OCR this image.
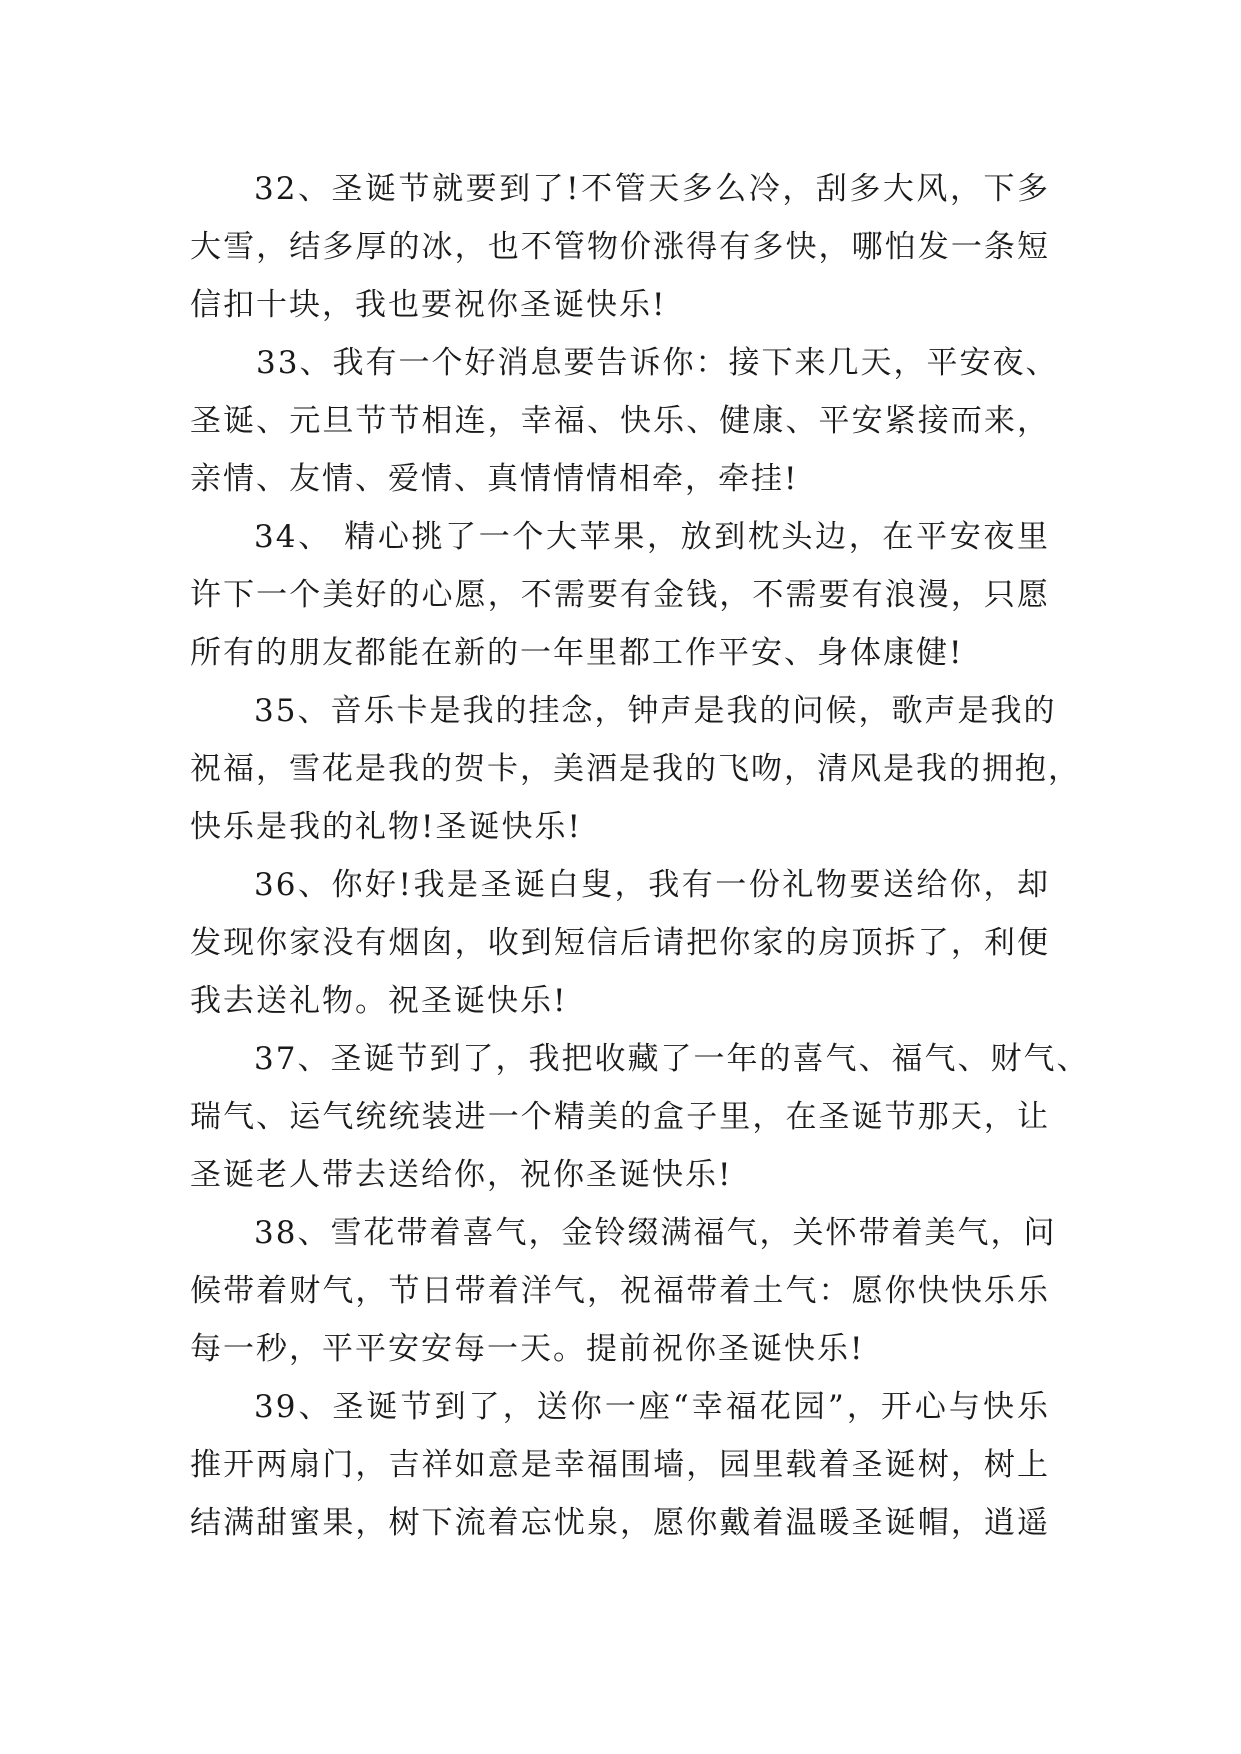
32、圣诞节就要到了!不管天多么冷，刮多大风，下多
大雪，结多厚的冰，也不管物价涨得有多快，哪怕发一条短
信扣十块，我也要祝你圣诞快乐!
33、我有一个好消息要告诉你：接下来几天，平安夜、
圣诞、元旦节节相连，幸福、快乐、健康、平安紧接而来，
亲情、友情、爱情、真情情情相牵，牵挂!
34、 精心挑了一个大苹果，放到枕头边，在平安夜里
许下一个美好的心愿，不需要有金钱，不需要有浪漫，只愿
所有的朋友都能在新的一年里都工作平安、身体康健!
35、音乐卡是我的挂念，钟声是我的问候，歌声是我的
祝福，雪花是我的贺卡，美酒是我的飞吻，清风是我的拥抱，
快乐是我的礼物!圣诞快乐!
36、你好!我是圣诞白叟，我有一份礼物要送给你，却
发现你家没有烟囱，收到短信后请把你家的房顶拆了，利便
我去送礼物。祝圣诞快乐!
37、圣诞节到了，我把收藏了一年的喜气、福气、财气、
瑞气、运气统统装进一个精美的盒子里，在圣诞节那天，让
圣诞老人带去送给你，祝你圣诞快乐!
38、雪花带着喜气，金铃缀满福气，关怀带着美气，问
候带着财气，节日带着洋气，祝福带着土气：愿你快快乐乐
每一秒，平平安安每一天。提前祝你圣诞快乐!
39、圣诞节到了，送你一座“幸福花园”，开心与快乐
推开两扇门，吉祥如意是幸福围墙，园里载着圣诞树，树上
结满甜蜜果，树下流着忘忧泉，愿你戴着温暖圣诞帽，逍遥
